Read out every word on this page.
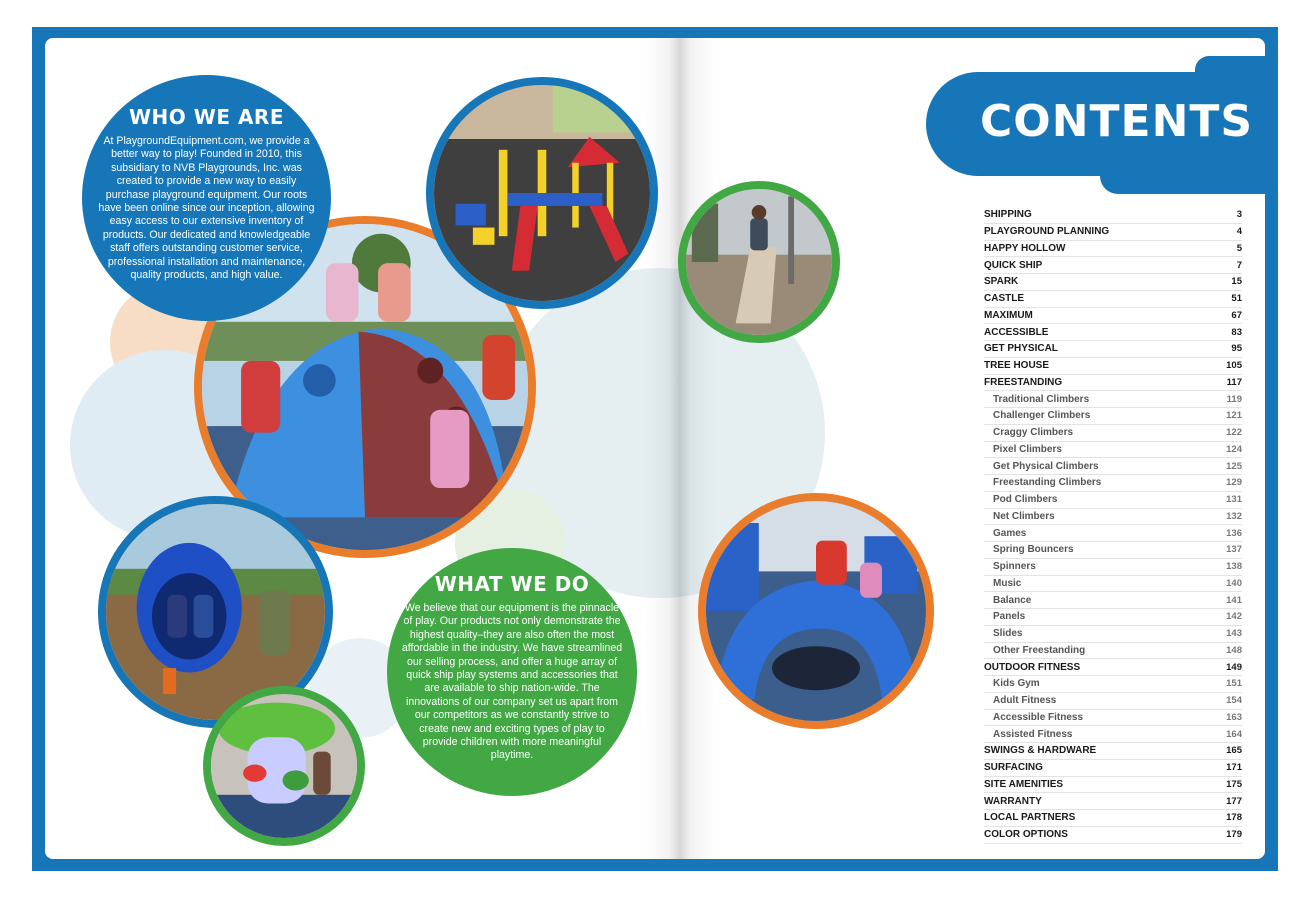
WHO WE ARE

At PlaygroundEquipment.com, we provide a better way to play! Founded in 2010, this subsidiary to NVB Playgrounds, Inc. was created to provide a new way to easily purchase playground equipment. Our roots have been online since our inception, allowing easy access to our extensive inventory of products. Our dedicated and knowledgeable staff offers outstanding customer service, professional installation and maintenance, quality products, and high value.

WHAT WE DO

We believe that our equipment is the pinnacle of play. Our products not only demonstrate the highest quality–they are also often the most affordable in the industry. We have streamlined our selling process, and offer a huge array of quick ship play systems and accessories that are available to ship nation-wide. The innovations of our company set us apart from our competitors as we constantly strive to create new and exciting types of play to provide children with more meaningful playtime.

CONTENTS
SHIPPING	3
PLAYGROUND PLANNING	4
HAPPY HOLLOW	5
QUICK SHIP	7
SPARK	15
CASTLE	51
MAXIMUM	67
ACCESSIBLE	83
GET PHYSICAL	95
TREE HOUSE	105
FREESTANDING	117
Traditional Climbers	119
Challenger Climbers	121
Craggy Climbers	122
Pixel Climbers	124
Get Physical Climbers	125
Freestanding Climbers	129
Pod Climbers	131
Net Climbers	132
Games	136
Spring Bouncers	137
Spinners	138
Music	140
Balance	141
Panels	142
Slides	143
Other Freestanding	148
OUTDOOR FITNESS	149
Kids Gym	151
Adult Fitness	154
Accessible Fitness	163
Assisted Fitness	164
SWINGS & HARDWARE	165
SURFACING	171
SITE AMENITIES	175
WARRANTY	177
LOCAL PARTNERS	178
COLOR OPTIONS	179
